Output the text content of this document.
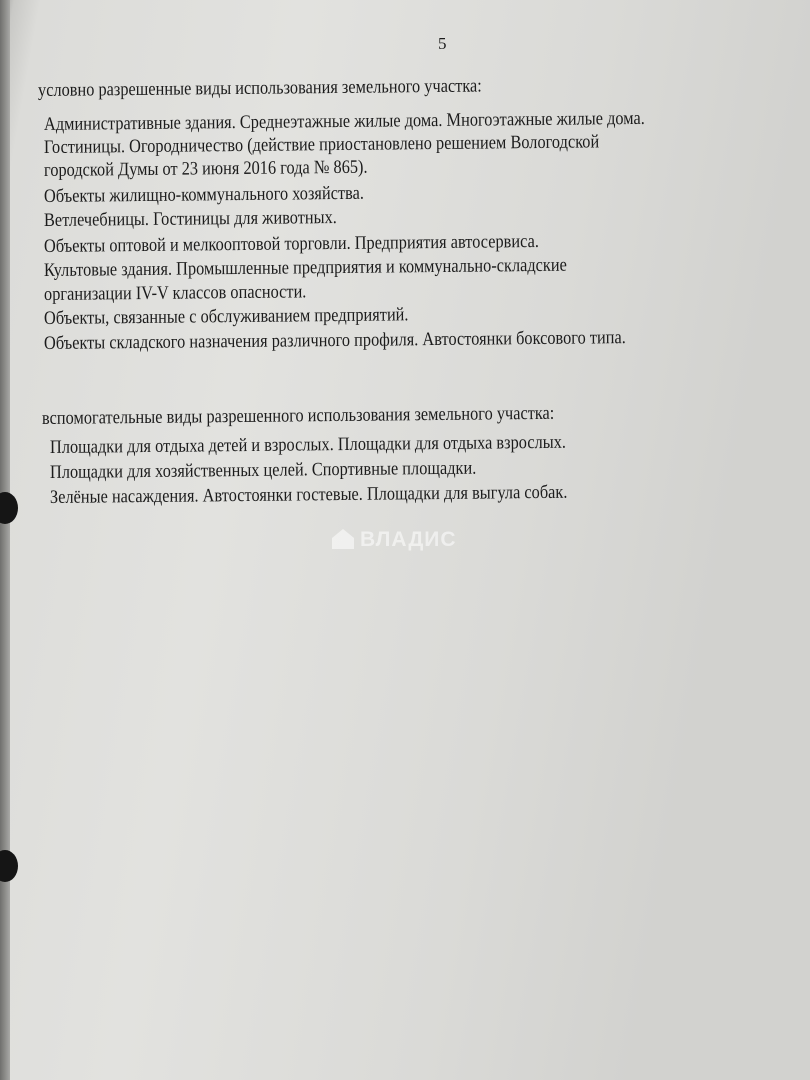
5
условно разрешенные виды использования земельного участка:
Административные здания. Среднеэтажные жилые дома. Многоэтажные жилые дома.
Гостиницы. Огородничество (действие приостановлено решением Вологодской
городской Думы от 23 июня 2016 года № 865).
Объекты жилищно-коммунального хозяйства.
Ветлечебницы. Гостиницы для животных.
Объекты оптовой и мелкооптовой торговли. Предприятия автосервиса.
Культовые здания. Промышленные предприятия и коммунально-складские
организации IV-V классов опасности.
Объекты, связанные с обслуживанием предприятий.
Объекты складского назначения различного профиля. Автостоянки боксового типа.
вспомогательные виды разрешенного использования земельного участка:
Площадки для отдыха детей и взрослых. Площадки для отдыха взрослых.
Площадки для хозяйственных целей. Спортивные площадки.
Зелёные насаждения. Автостоянки гостевые. Площадки для выгула собак.
ВЛАДИС
